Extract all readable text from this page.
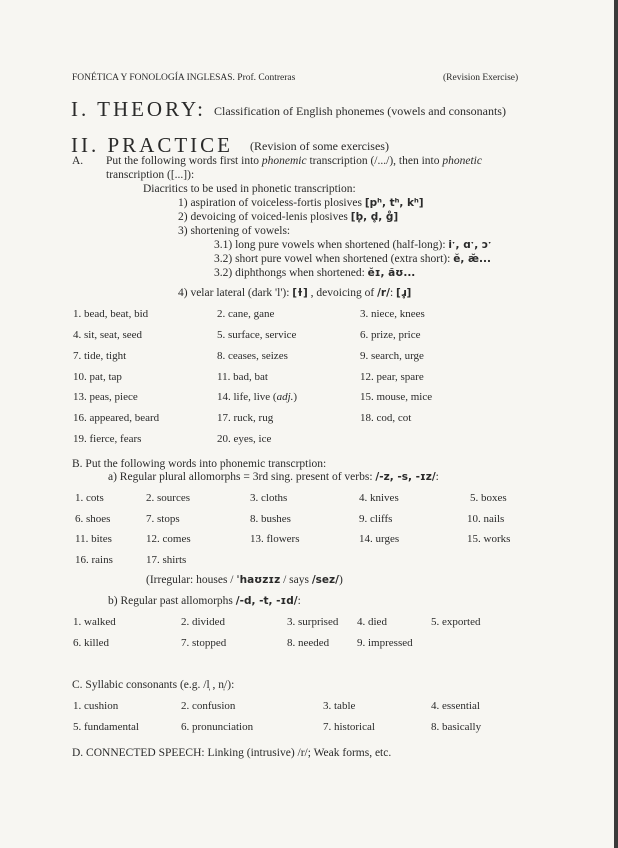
FONÉTICA Y FONOLOGÍA INGLESAS. Prof. Contreras	(Revision Exercise)
I. THEORY: Classification of English phonemes (vowels and consonants)
II. PRACTICE (Revision of some exercises)
A. Put the following words first into phonemic transcription (/.../), then into phonetic
transcription ([...]):
Diacritics to be used in phonetic transcription:
1) aspiration of voiceless-fortis plosives [pʰ, tʰ, kʰ]
2) devoicing of voiced-lenis plosives [b̥, d̥, g̊]
3) shortening of vowels:
3.1) long pure vowels when shortened (half-long): iˑ, ɑˑ, ɔˑ
3.2) short pure vowel when shortened (extra short): ĕ, æ̆...
3.2) diphthongs when shortened: ĕɪ, ăʊ...
4) velar lateral (dark 'l'): [ɫ] , devoicing of /r/: [ɹ̥]
1. bead, beat, bid	2. cane, gane	3. niece, knees
4. sit, seat, seed	5. surface, service	6. prize, price
7. tide, tight	8. ceases, seizes	9. search, urge
10. pat, tap	11. bad, bat	12. pear, spare
13. peas, piece	14. life, live (adj.)	15. mouse, mice
16. appeared, beard	17. ruck, rug	18. cod, cot
19. fierce, fears	20. eyes, ice
B. Put the following words into phonemic transcrption:
a) Regular plural allomorphs = 3rd sing. present of verbs: /-z, -s, -ɪz/:
1. cots	2. sources	3. cloths	4. knives	5. boxes
6. shoes	7. stops	8. bushes	9. cliffs	10. nails
11. bites	12. comes	13. flowers	14. urges	15. works
16. rains	17. shirts
(Irregular: houses / ˈhaʊzɪz / says /sez/)
b) Regular past allomorphs /-d, -t, -ɪd/:
1. walked	2. divided	3. surprised 4. died	5. exported
6. killed	7. stopped	8. needed	9. impressed
C. Syllabic consonants (e.g. /l̩ , n̩/):
1. cushion	2. confusion	3. table	4. essential
5. fundamental	6. pronunciation	7. historical	8. basically
D. CONNECTED SPEECH: Linking (intrusive) /r/; Weak forms, etc.
